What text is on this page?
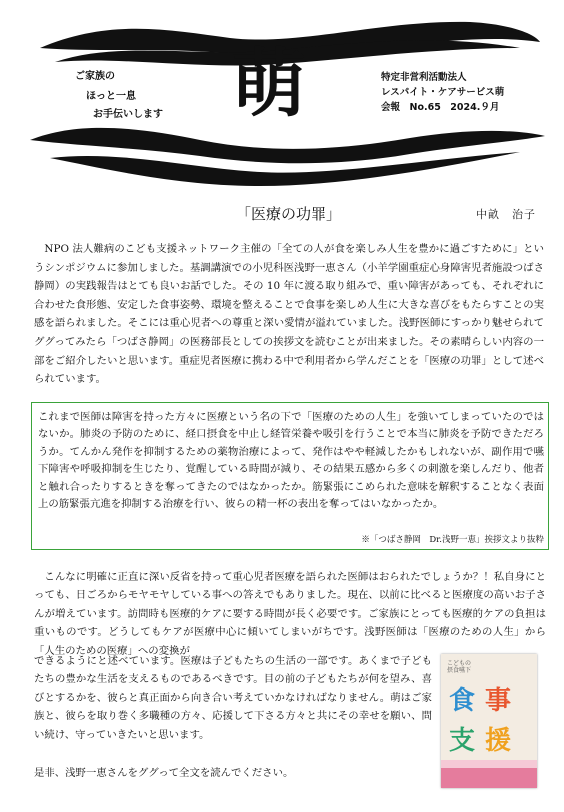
ご家族の
ほっと一息
お手伝いします 萌	特定非営利活動法人
レスパイト・ケアサービス萌
会報　No.65　2024.９月
「医療の功罪」	中畝　治子

NPO 法人難病のこども支援ネットワーク主催の「全ての人が食を楽しみ人生を豊かに過ごすために」というシンポジウムに参加しました。基調講演での小児科医浅野一恵さん（小羊学園重症心身障害児者施設つばさ静岡）の実践報告はとても良いお話でした。その 10 年に渡る取り組みで、重い障害があっても、それぞれに合わせた食形態、安定した食事姿勢、環境を整えることで食事を楽しめ人生に大きな喜びをもたらすことの実感を語られました。そこには重心児者への尊重と深い愛情が溢れていました。浅野医師にすっかり魅せられてググってみたら「つばさ静岡」の医務部長としての挨拶文を読むことが出来ました。その素晴らしい内容の一部をご紹介したいと思います。重症児者医療に携わる中で利用者から学んだことを「医療の功罪」として述べられています。

これまで医師は障害を持った方々に医療という名の下で「医療のための人生」を強いてしまっていたのではないか。肺炎の予防のために、経口摂食を中止し経管栄養や吸引を行うことで本当に肺炎を予防できただろうか。てんかん発作を抑制するための薬物治療によって、発作はやや軽減したかもしれないが、副作用で嚥下障害や呼吸抑制を生じたり、覚醒している時間が減り、その結果五感から多くの刺激を楽しんだり、他者と触れ合ったりするときを奪ってきたのではなかったか。筋緊張にこめられた意味を解釈することなく表面上の筋緊張亢進を抑制する治療を行い、彼らの精一杯の表出を奪ってはいなかったか。

※「つばさ静岡　Dr.浅野一恵」挨拶文より抜粋

こんなに明確に正直に深い反省を持って重心児者医療を語られた医師はおられたでしょうか？！私自身にとっても、日ごろからモヤモヤしている事への答えでもありました。現在、以前に比べると医療度の高いお子さんが増えています。訪問時も医療的ケアに要する時間が長く必要です。ご家族にとっても医療的ケアの負担は重いものです。どうしてもケアが医療中心に傾いてしまいがちです。浅野医師は「医療のための人生」から「人生のための医療」への変換が

できるようにと述べています。医療は子どもたちの生活の一部です。あくまで子どもたちの豊かな生活を支えるものであるべきです。目の前の子どもたちが何を望み、喜びとするかを、彼らと真正面から向き合い考えていかなければなりません。萌はご家族と、彼らを取り巻く多職種の方々、応援して下さる方々と共にその幸せを願い、問い続け、守っていきたいと思います。

是非、浅野一恵さんをググって全文を読んでください。

こどもの
摂食嚥下
食 事
支 援
